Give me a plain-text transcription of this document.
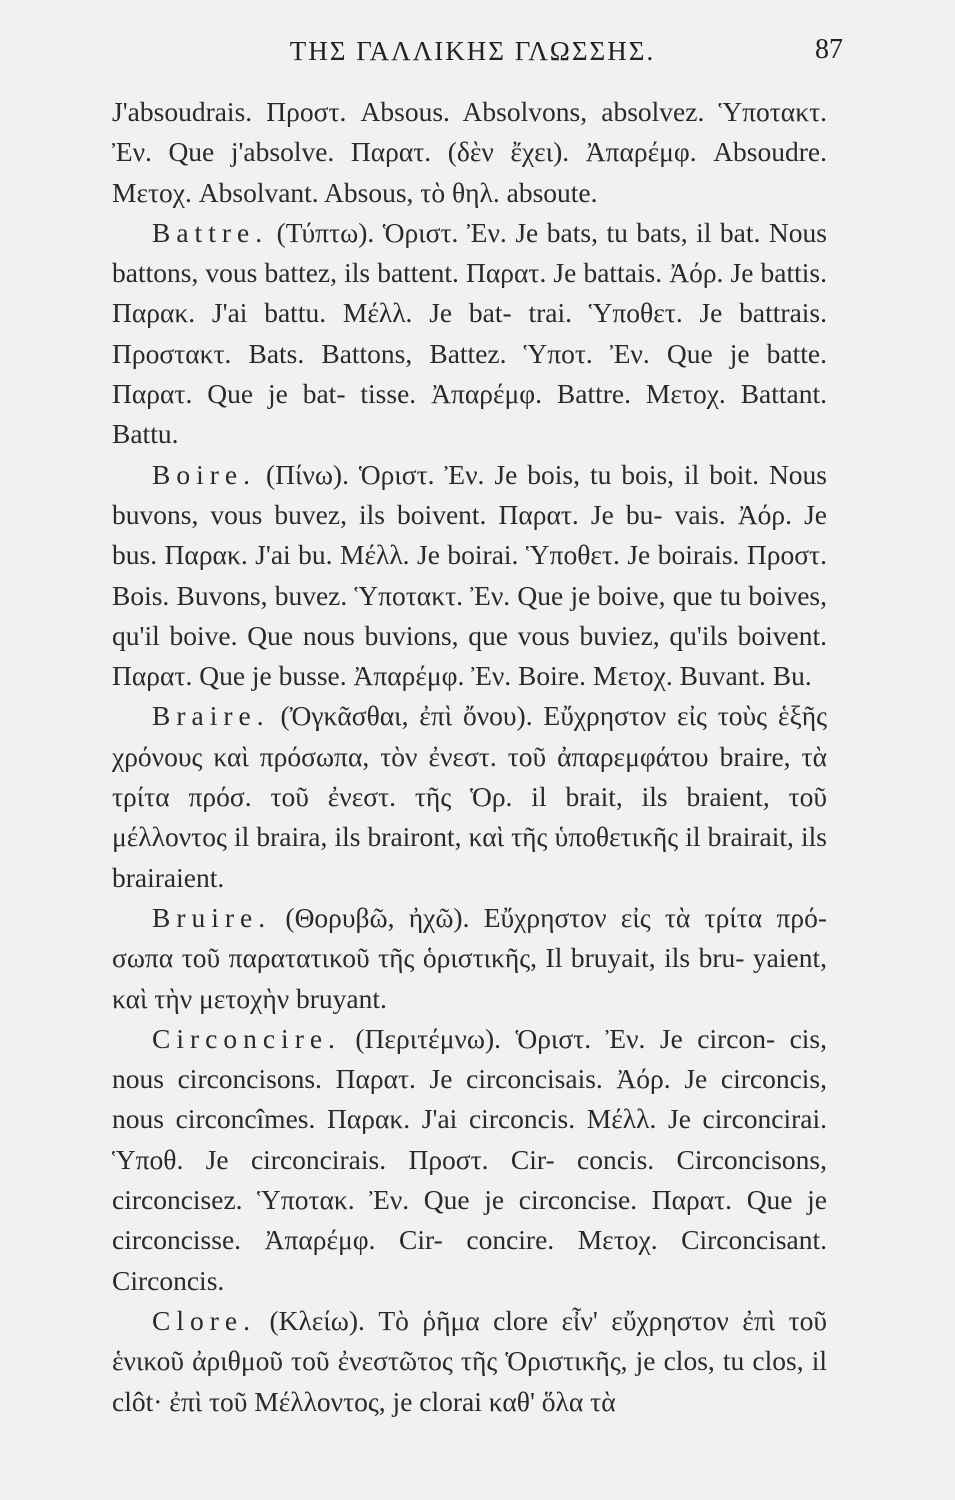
ΤΗΣ ΓΑΛΛΙΚΗΣ ΓΛΩΣΣΗΣ.	87

J'absoudrais. Προστ. Absous. Absolvons, absolvez. Ὑποτακτ. Ἐν. Que j'absolve. Παρατ. (δὲν ἔχει). Ἀπαρέμφ. Absoudre. Μετοχ. Absolvant. Absous, τὸ θηλ. absoute.

Battre. (Τύπτω). Ὁριστ. Ἐν. Je bats, tu bats, il bat. Nous battons, vous battez, ils battent. Παρατ. Je battais. Ἀόρ. Je battis. Παρακ. J'ai battu. Μέλλ. Je bat- trai. Ὑποθετ. Je battrais. Προστακτ. Bats. Battons, Battez. Ὑποτ. Ἐν. Que je batte. Παρατ. Que je bat- tisse. Ἀπαρέμφ. Battre. Μετοχ. Battant. Battu.

Boire. (Πίνω). Ὁριστ. Ἐν. Je bois, tu bois, il boit. Nous buvons, vous buvez, ils boivent. Παρατ. Je bu- vais. Ἀόρ. Je bus. Παρακ. J'ai bu. Μέλλ. Je boirai. Ὑποθετ. Je boirais. Προστ. Bois. Buvons, buvez. Ὑποτακτ. Ἐν. Que je boive, que tu boives, qu'il boive. Que nous buvions, que vous buviez, qu'ils boivent. Παρατ. Que je busse. Ἀπαρέμφ. Ἐν. Boire. Μετοχ. Buvant. Bu.

Braire. (Ὀγκᾶσθαι, ἐπὶ ὄνου). Εὔχρηστον εἰς τοὺς ἑξῆς χρόνους καὶ πρόσωπα, τὸν ἐνεστ. τοῦ ἀπαρεμφάτου braire, τὰ τρίτα πρόσ. τοῦ ἐνεστ. τῆς Ὁρ. il brait, ils braient, τοῦ μέλλοντος il braira, ils brairont, καὶ τῆς ὑποθετικῆς il brairait, ils brairaient.

Bruire. (Θορυβῶ, ἠχῶ). Εὔχρηστον εἰς τὰ τρίτα πρό- σωπα τοῦ παρατατικοῦ τῆς ὁριστικῆς, Il bruyait, ils bru- yaient, καὶ τὴν μετοχὴν bruyant.

Circoncire. (Περιτέμνω). Ὁριστ. Ἐν. Je circon- cis, nous circoncisons. Παρατ. Je circoncisais. Ἀόρ. Je circoncis, nous circoncîmes. Παρακ. J'ai circoncis. Μέλλ. Je circoncirai. Ὑποθ. Je circoncirais. Προστ. Cir- concis. Circoncisons, circoncisez. Ὑποτακ. Ἐν. Que je circoncise. Παρατ. Que je circoncisse. Ἀπαρέμφ. Cir- concire. Μετοχ. Circoncisant. Circoncis.

Clore. (Κλείω). Τὸ ῥῆμα clore εἶν' εὔχρηστον ἐπὶ τοῦ ἑνικοῦ ἀριθμοῦ τοῦ ἐνεστῶτος τῆς Ὁριστικῆς, je clos, tu clos, il clôt· ἐπὶ τοῦ Μέλλοντος, je clorai καθ' ὅλα τὰ
